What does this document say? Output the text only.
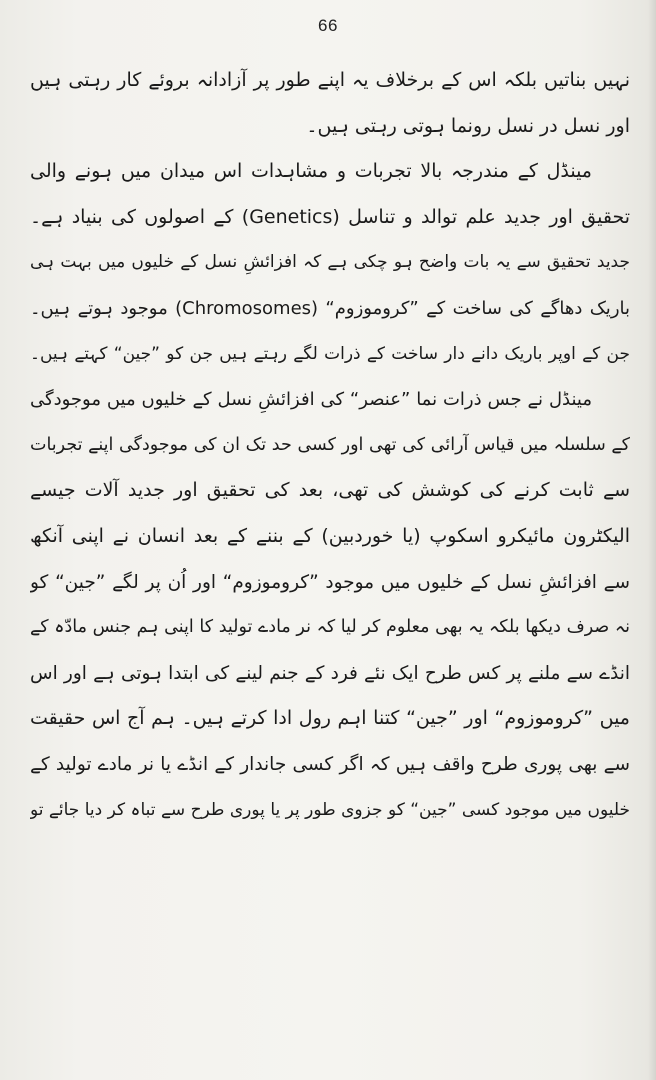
66
نہیں بناتیں بلکہ اس کے برخلاف یہ اپنے طور پر آزادانہ بروئے کار رہتی ہیں
اور نسل در نسل رونما ہوتی رہتی ہیں۔
مینڈل کے مندرجہ بالا تجربات و مشاہدات اس میدان میں ہونے والی
تحقیق اور جدید علم توالد و تناسل (Genetics) کے اصولوں کی بنیاد ہے۔
جدید تحقیق سے یہ بات واضح ہو چکی ہے کہ افزائشِ نسل کے خلیوں میں بہت ہی
باریک دھاگے کی ساخت کے ”کروموزوم“ (Chromosomes) موجود ہوتے ہیں۔
جن کے اوپر باریک دانے دار ساخت کے ذرات لگے رہتے ہیں جن کو ”جین“ کہتے ہیں۔
مینڈل نے جس ذرات نما ”عنصر“ کی افزائشِ نسل کے خلیوں میں موجودگی
کے سلسلہ میں قیاس آرائی کی تھی اور کسی حد تک ان کی موجودگی اپنے تجربات
سے ثابت کرنے کی کوشش کی تھی، بعد کی تحقیق اور جدید آلات جیسے
الیکٹرون مائیکرو اسکوپ (یا خوردبین) کے بننے کے بعد انسان نے اپنی آنکھ
سے افزائشِ نسل کے خلیوں میں موجود ”کروموزوم“ اور اُن پر لگے ”جین“ کو
نہ صرف دیکھا بلکہ یہ بھی معلوم کر لیا کہ نر مادے تولید کا اپنی ہم جنس مادّہ کے
انڈے سے ملنے پر کس طرح ایک نئے فرد کے جنم لینے کی ابتدا ہوتی ہے اور اس
میں ”کروموزوم“ اور ”جین“ کتنا اہم رول ادا کرتے ہیں۔ ہم آج اس حقیقت
سے بھی پوری طرح واقف ہیں کہ اگر کسی جاندار کے انڈے یا نر مادے تولید کے
خلیوں میں موجود کسی ”جین“ کو جزوی طور پر یا پوری طرح سے تباہ کر دیا جائے تو
